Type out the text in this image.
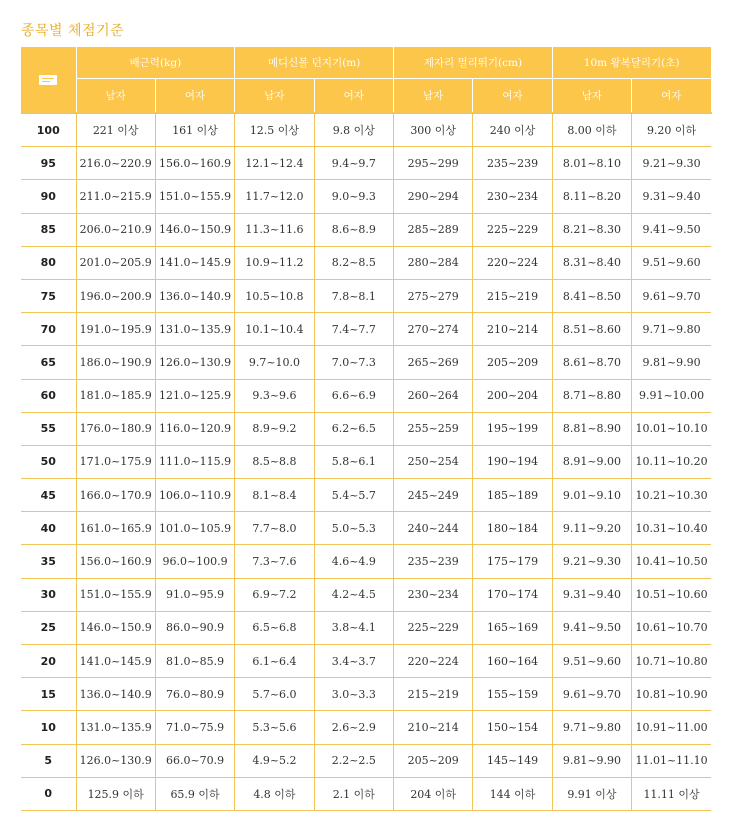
종목별 체점기준
	배근력(kg)		메디신볼 던지기(m)		제자리 멀리뛰기(cm)		10m 왕복달리기(초)	
	남자	여자	남자	여자	남자	여자	남자	여자
100	221 이상	161 이상	12.5 이상	9.8 이상	300 이상	240 이상	8.00 이하	9.20 이하
95	216.0~220.9	156.0~160.9	12.1~12.4	9.4~9.7	295~299	235~239	8.01~8.10	9.21~9.30
90	211.0~215.9	151.0~155.9	11.7~12.0	9.0~9.3	290~294	230~234	8.11~8.20	9.31~9.40
85	206.0~210.9	146.0~150.9	11.3~11.6	8.6~8.9	285~289	225~229	8.21~8.30	9.41~9.50
80	201.0~205.9	141.0~145.9	10.9~11.2	8.2~8.5	280~284	220~224	8.31~8.40	9.51~9.60
75	196.0~200.9	136.0~140.9	10.5~10.8	7.8~8.1	275~279	215~219	8.41~8.50	9.61~9.70
70	191.0~195.9	131.0~135.9	10.1~10.4	7.4~7.7	270~274	210~214	8.51~8.60	9.71~9.80
65	186.0~190.9	126.0~130.9	9.7~10.0	7.0~7.3	265~269	205~209	8.61~8.70	9.81~9.90
60	181.0~185.9	121.0~125.9	9.3~9.6	6.6~6.9	260~264	200~204	8.71~8.80	9.91~10.00
55	176.0~180.9	116.0~120.9	8.9~9.2	6.2~6.5	255~259	195~199	8.81~8.90	10.01~10.10
50	171.0~175.9	111.0~115.9	8.5~8.8	5.8~6.1	250~254	190~194	8.91~9.00	10.11~10.20
45	166.0~170.9	106.0~110.9	8.1~8.4	5.4~5.7	245~249	185~189	9.01~9.10	10.21~10.30
40	161.0~165.9	101.0~105.9	7.7~8.0	5.0~5.3	240~244	180~184	9.11~9.20	10.31~10.40
35	156.0~160.9	96.0~100.9	7.3~7.6	4.6~4.9	235~239	175~179	9.21~9.30	10.41~10.50
30	151.0~155.9	91.0~95.9	6.9~7.2	4.2~4.5	230~234	170~174	9.31~9.40	10.51~10.60
25	146.0~150.9	86.0~90.9	6.5~6.8	3.8~4.1	225~229	165~169	9.41~9.50	10.61~10.70
20	141.0~145.9	81.0~85.9	6.1~6.4	3.4~3.7	220~224	160~164	9.51~9.60	10.71~10.80
15	136.0~140.9	76.0~80.9	5.7~6.0	3.0~3.3	215~219	155~159	9.61~9.70	10.81~10.90
10	131.0~135.9	71.0~75.9	5.3~5.6	2.6~2.9	210~214	150~154	9.71~9.80	10.91~11.00
5	126.0~130.9	66.0~70.9	4.9~5.2	2.2~2.5	205~209	145~149	9.81~9.90	11.01~11.10
0	125.9 이하	65.9 이하	4.8 이하	2.1 이하	204 이하	144 이하	9.91 이상	11.11 이상
